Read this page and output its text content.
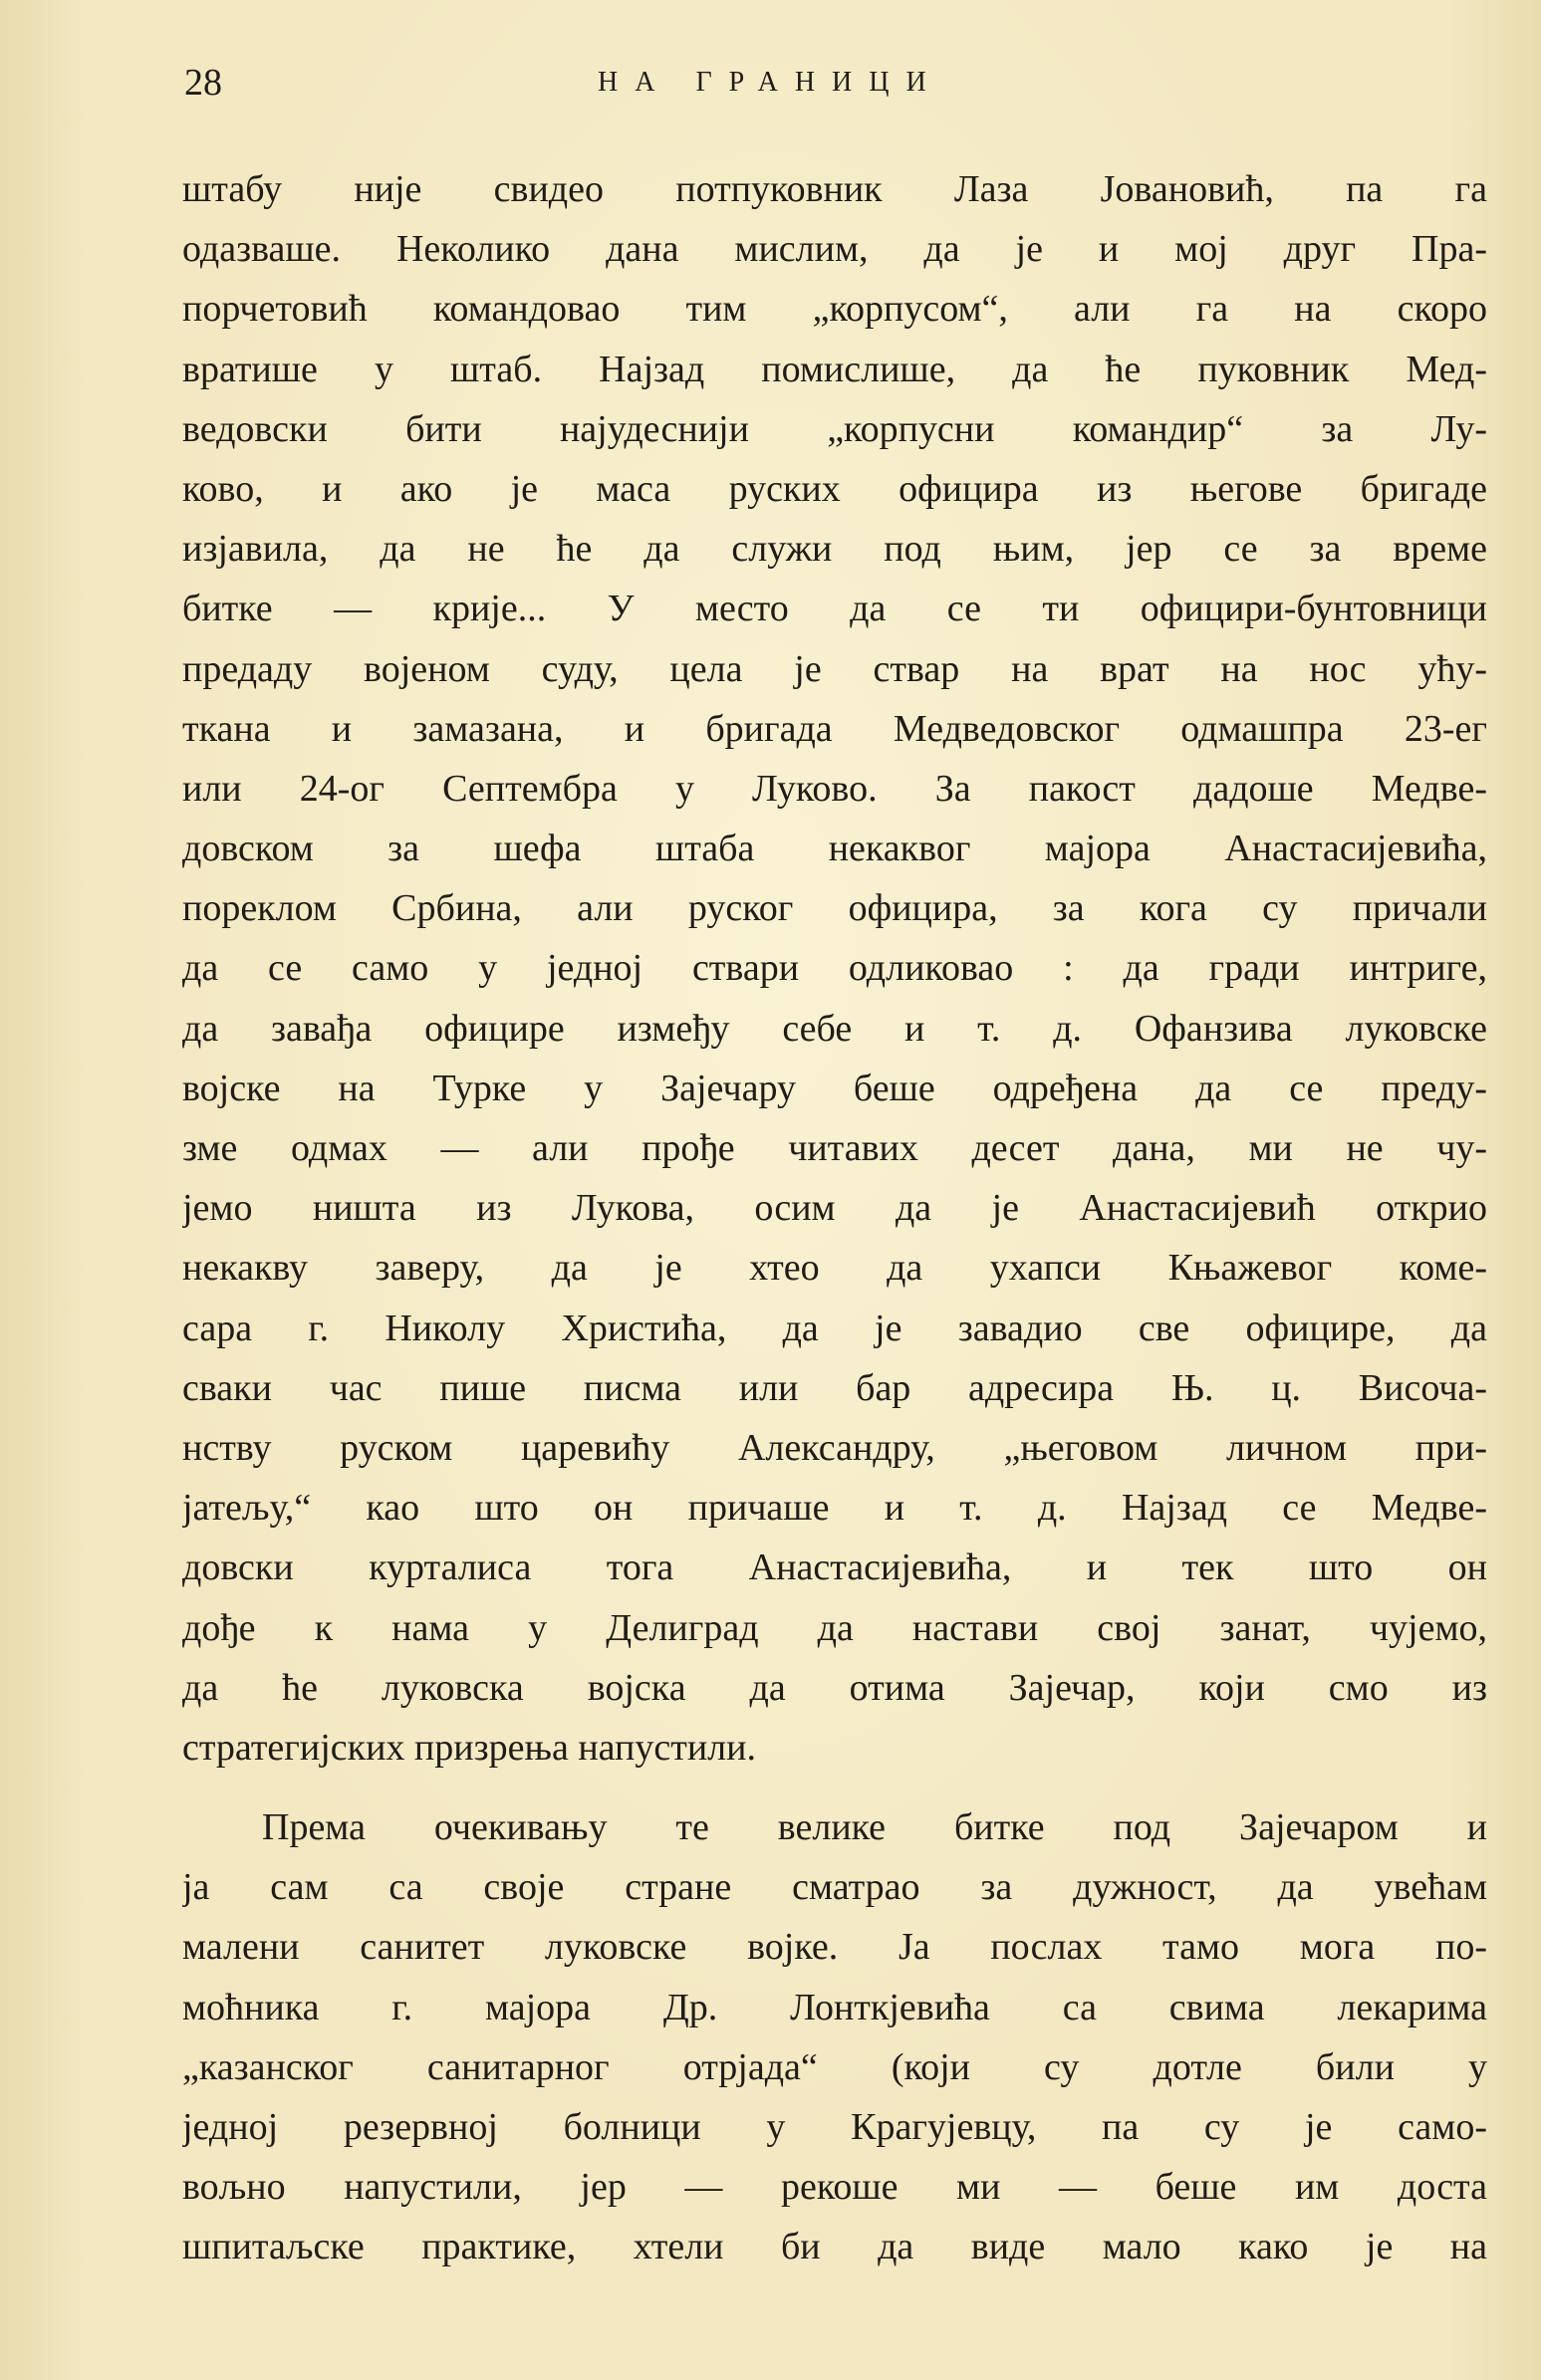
28	НА ГРАНИЦИ
штабу није свидео потпуковник Лаза Јовановић, па га
одазваше. Неколико дана мислим, да је и мој друг Пра-
порчетовић командовао тим „корпусом“, али га на скоро
вратише у штаб. Најзад помислише, да ће пуковник Мед-
ведовски бити најудеснији „корпусни командир“ за Лу-
ково, и ако је маса руских официра из његове бригаде
изјавила, да не ће да служи под њим, јер се за време
битке — крије... У место да се ти официри-бунтовници
предаду војеном суду, цела је ствар на врат на нос ућу-
ткана и замазана, и бригада Медведовског одмашпра 23-ег
или 24-ог Септембра у Луково. За пакост дадоше Медве-
довском за шефа штаба некаквог мајора Анастасијевића,
пореклом Србина, али руског официра, за кога су причали
да се само у једној ствари одликовао : да гради интриге,
да завађа официре између себе и т. д. Офанзива луковске
војске на Турке у Зајечару беше одређена да се преду-
зме одмах — али прође читавих десет дана, ми не чу-
јемо ништа из Лукова, осим да је Анастасијевић открио
некакву заверу, да је хтео да ухапси Књажевог коме-
сара г. Николу Христића, да је завадио све официре, да
сваки час пише писма или бар адресира Њ. ц. Височа-
нству руском царевићу Александру, „његовом личном при-
јатељу,“ као што он причаше и т. д. Најзад се Медве-
довски курталиса тога Анастасијевића, и тек што он
дође к нама у Делиград да настави свој занат, чујемо,
да ће луковска војска да отима Зајечар, који смо из
стратегијских призрења напустили.
Према очекивању те велике битке под Зајечаром и
ја сам са своје стране сматрао за дужност, да увећам
малени санитет луковске војке. Ја послах тамо мога по-
моћника г. мајора Др. Лонткјевића са свима лекарима
„казанског санитарног отрјада“ (који су дотле били у
једној резервној болници у Крагујевцу, па су је само-
вољно напустили, јер — рекоше ми — беше им доста
шпитаљске практике, хтели би да виде мало како је на
